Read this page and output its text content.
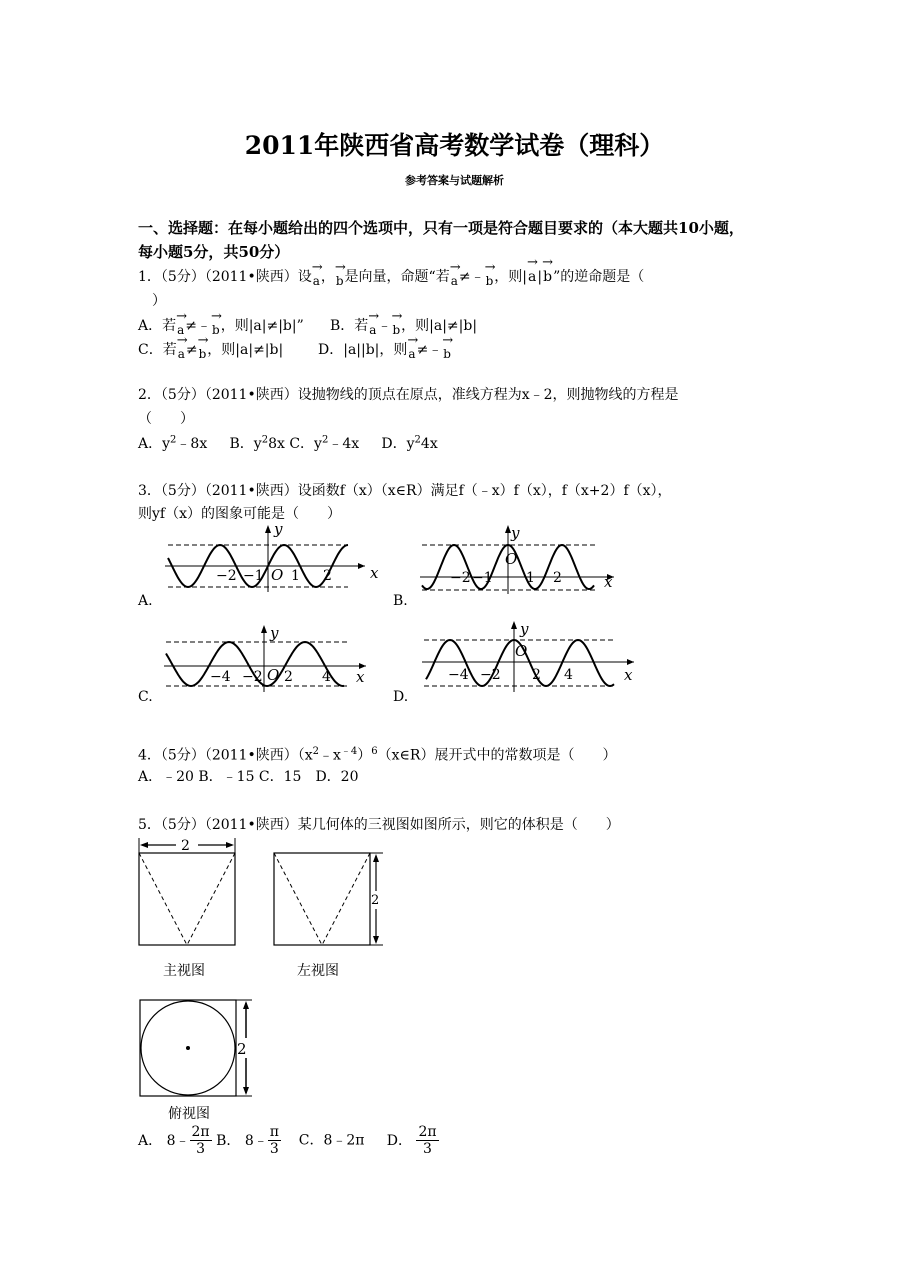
2011年陕西省高考数学试卷（理科）
参考答案与试题解析
一、选择题：在每小题给出的四个选项中，只有一项是符合题目要求的（本大题共10小题，
每小题5分，共50分）
1．（5分）（2011•陕西）设→ a，→ b是向量，命题“若→ a≠﹣→ b，则|→ a|→ b”的逆命题是（
）
A．若→ a≠﹣→ b，则|a|≠|b|” B．若→ a﹣→ b，则|a|≠|b|
C．若→ a≠→ b，则|a|≠|b| D．|a||b|，则→ a≠﹣→ b
2．（5分）（2011•陕西）设抛物线的顶点在原点，准线方程为x﹣2，则抛物线的方程是
（　　）
A．$y^2﹣8x$ B．$y^28x$ C．$y^2﹣4x$ D．$y^24x$
3．（5分）（2011•陕西）设函数f（x）（x∈R）满足f（﹣x）f（x），f（x+2）f（x），
则yf（x）的图象可能是（　　）
A.	B.
C.	D.
x
y
O
−2 −1 1 2	x
y
O
−2 −1 1 2
x
y
O
−4 −2 2 4	x
y
O
−4 −2 2 4
4．（5分）（2011•陕西）$(x^2﹣x^{﹣4})^6(x\in R)$展开式中的常数项是（　　）
A．﹣20 B．﹣15 C．15　D．20
5．（5分）（2011•陕西）某几何体的三视图如图所示，则它的体积是（　　）
2
主视图
2
左视图
2
俯视图
A． 8﹣ $\frac{2\pi}{3}$ B． 8﹣ $\frac{\pi}{3}$ C．8﹣2π D． $\frac{2\pi}{3}$
